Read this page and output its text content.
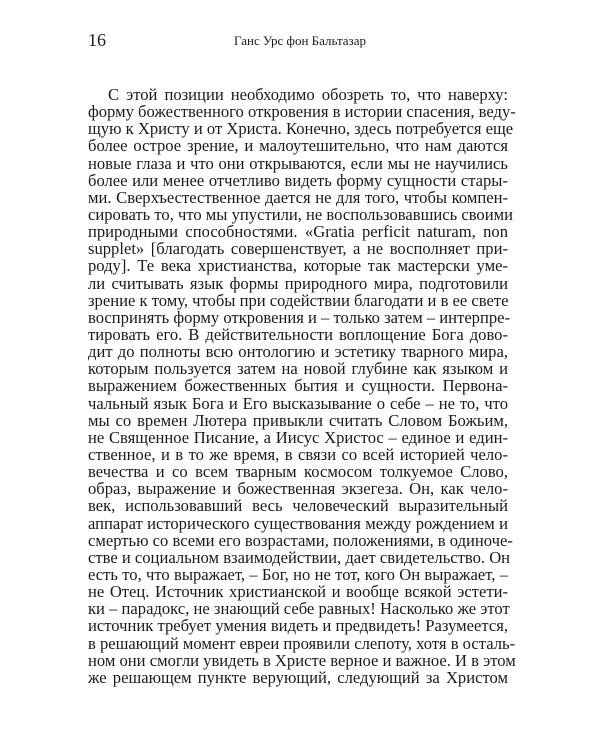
16	Ганс Урс фон Бальтазар
С этой позиции необходимо обозреть то, что наверху:
форму божественного откровения в истории спасения, веду-
щую к Христу и от Христа. Конечно, здесь потребуется еще
более острое зрение, и малоутешительно, что нам даются
новые глаза и что они открываются, если мы не научились
более или менее отчетливо видеть форму сущности стары-
ми. Сверхъестественное дается не для того, чтобы компен-
сировать то, что мы упустили, не воспользовавшись своими
природными способностями. «Gratia perficit naturam, non
supplet» [благодать совершенствует, а не восполняет при-
роду]. Те века христианства, которые так мастерски уме-
ли считывать язык формы природного мира, подготовили
зрение к тому, чтобы при содействии благодати и в ее свете
воспринять форму откровения и – только затем – интерпре-
тировать его. В действительности воплощение Бога дово-
дит до полноты всю онтологию и эстетику тварного мира,
которым пользуется затем на новой глубине как языком и
выражением божественных бытия и сущности. Первона-
чальный язык Бога и Его высказывание о себе – не то, что
мы со времен Лютера привыкли считать Словом Божьим,
не Священное Писание, а Иисус Христос – единое и един-
ственное, и в то же время, в связи со всей историей чело-
вечества и со всем тварным космосом толкуемое Слово,
образ, выражение и божественная экзегеза. Он, как чело-
век, использовавший весь человеческий выразительный
аппарат исторического существования между рождением и
смертью со всеми его возрастами, положениями, в одиноче-
стве и социальном взаимодействии, дает свидетельство. Он
есть то, что выражает, – Бог, но не тот, кого Он выражает, –
не Отец. Источник христианской и вообще всякой эстети-
ки – парадокс, не знающий себе равных! Насколько же этот
источник требует умения видеть и предвидеть! Разумеется,
в решающий момент евреи проявили слепоту, хотя в осталь-
ном они смогли увидеть в Христе верное и важное. И в этом
же решающем пункте верующий, следующий за Христом
